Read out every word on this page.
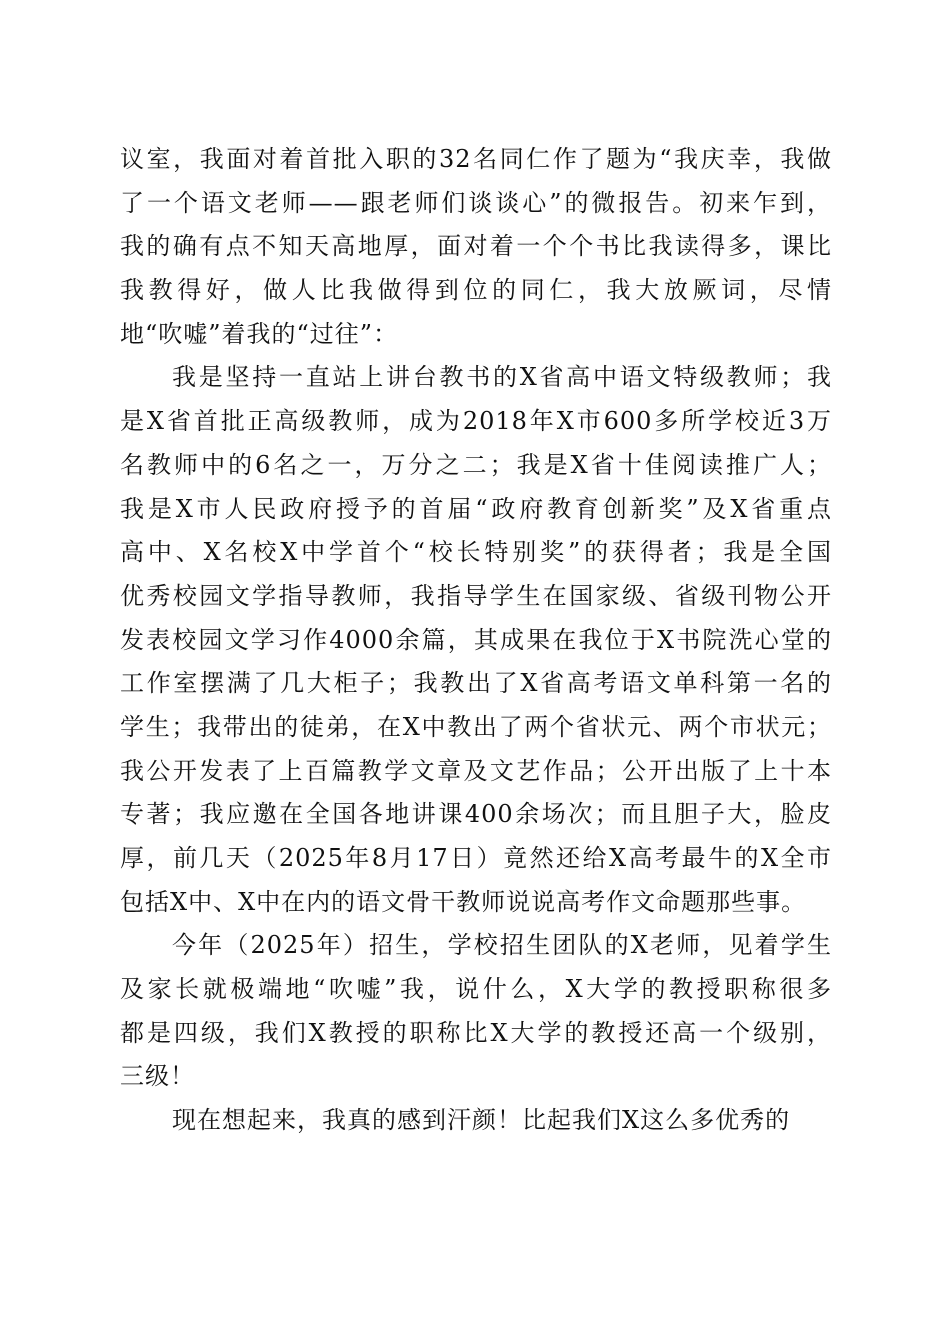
议室，我面对着首批入职的32名同仁作了题为“我庆幸，我做
了一个语文老师——跟老师们谈谈心”的微报告。初来乍到，
我的确有点不知天高地厚，面对着一个个书比我读得多，课比
我教得好，做人比我做得到位的同仁，我大放厥词，尽情
地“吹嘘”着我的“过往”：
我是坚持一直站上讲台教书的X省高中语文特级教师；我
是X省首批正高级教师，成为2018年X市600多所学校近3万
名教师中的6名之一，万分之二；我是X省十佳阅读推广人；
我是X市人民政府授予的首届“政府教育创新奖”及X省重点
高中、X名校X中学首个“校长特别奖”的获得者；我是全国
优秀校园文学指导教师，我指导学生在国家级、省级刊物公开
发表校园文学习作4000余篇，其成果在我位于X书院洗心堂的
工作室摆满了几大柜子；我教出了X省高考语文单科第一名的
学生；我带出的徒弟，在X中教出了两个省状元、两个市状元；
我公开发表了上百篇教学文章及文艺作品；公开出版了上十本
专著；我应邀在全国各地讲课400余场次；而且胆子大，脸皮
厚，前几天（2025年8月17日）竟然还给X高考最牛的X全市
包括X中、X中在内的语文骨干教师说说高考作文命题那些事。
今年（2025年）招生，学校招生团队的X老师，见着学生
及家长就极端地“吹嘘”我，说什么，X大学的教授职称很多
都是四级，我们X教授的职称比X大学的教授还高一个级别，
三级！
现在想起来，我真的感到汗颜！比起我们X这么多优秀的
